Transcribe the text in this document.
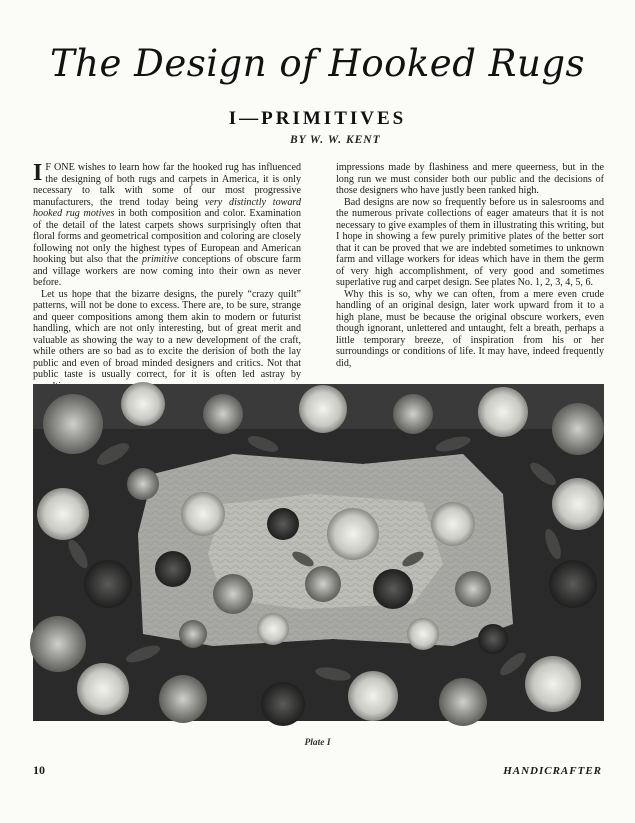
The Design of Hooked Rugs
I—PRIMITIVES
BY W. W. KENT

I F ONE wishes to learn how far the hooked rug has influenced the designing of both rugs and carpets in America, it is only necessary to talk with some of our most progressive manufacturers, the trend today being very distinctly toward hooked rug motives in both composition and color. Examination of the detail of the latest carpets shows surprisingly often that floral forms and geometrical composition and coloring are closely following not only the highest types of European and American hooking but also that the primitive conceptions of obscure farm and village workers are now coming into their own as never before.

Let us hope that the bizarre designs, the purely “crazy quilt” patterns, will not be done to excess. There are, to be sure, strange and queer compositions among them akin to modern or futurist handling, which are not only interesting, but of great merit and valuable as showing the way to a new development of the craft, while others are so bad as to excite the derision of both the lay public and even of broad minded designers and critics. Not that public taste is usually correct, for it is often led astray by

impressions made by flashiness and mere queerness, but in the long run we must consider both our public and the decisions of those designers who have justly been ranked high.

Bad designs are now so frequently before us in salesrooms and the numerous private collections of eager amateurs that it is not necessary to give examples of them in illustrating this writing, but I hope in showing a few purely primitive plates of the better sort that it can be proved that we are indebted sometimes to unknown farm and village workers for ideas which have in them the germ of very high accomplishment, of very good and sometimes superlative rug and carpet design. See plates No. 1, 2, 3, 4, 5, 6.

Why this is so, why we can often, from a mere even crude handling of an original design, later work upward from it to a high plane, must be because the original obscure workers, even though ignorant, unlettered and untaught, felt a breath, perhaps a little temporary breeze, of inspiration from his or her surroundings or conditions of life. It may have, indeed frequently did,

Plate I
10	HANDICRAFTER
